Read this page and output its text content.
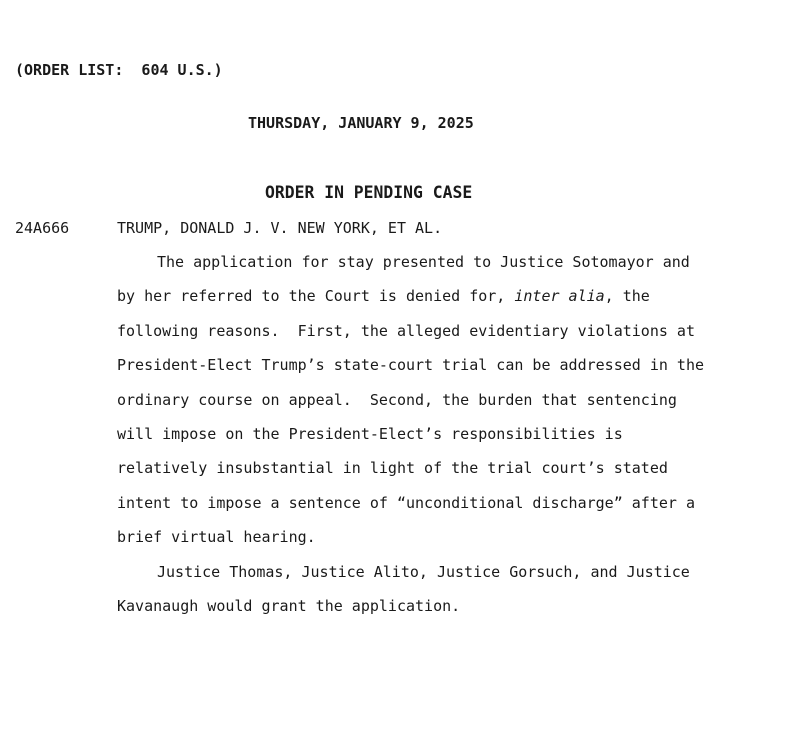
(ORDER LIST:  604 U.S.)
THURSDAY, JANUARY 9, 2025
ORDER IN PENDING CASE
24A666	TRUMP, DONALD J. V. NEW YORK, ET AL.
The application for stay presented to Justice Sotomayor and
by her referred to the Court is denied for, inter alia, the
following reasons.  First, the alleged evidentiary violations at
President-Elect Trump’s state-court trial can be addressed in the
ordinary course on appeal.  Second, the burden that sentencing
will impose on the President-Elect’s responsibilities is
relatively insubstantial in light of the trial court’s stated
intent to impose a sentence of “unconditional discharge” after a
brief virtual hearing.
Justice Thomas, Justice Alito, Justice Gorsuch, and Justice
Kavanaugh would grant the application.
